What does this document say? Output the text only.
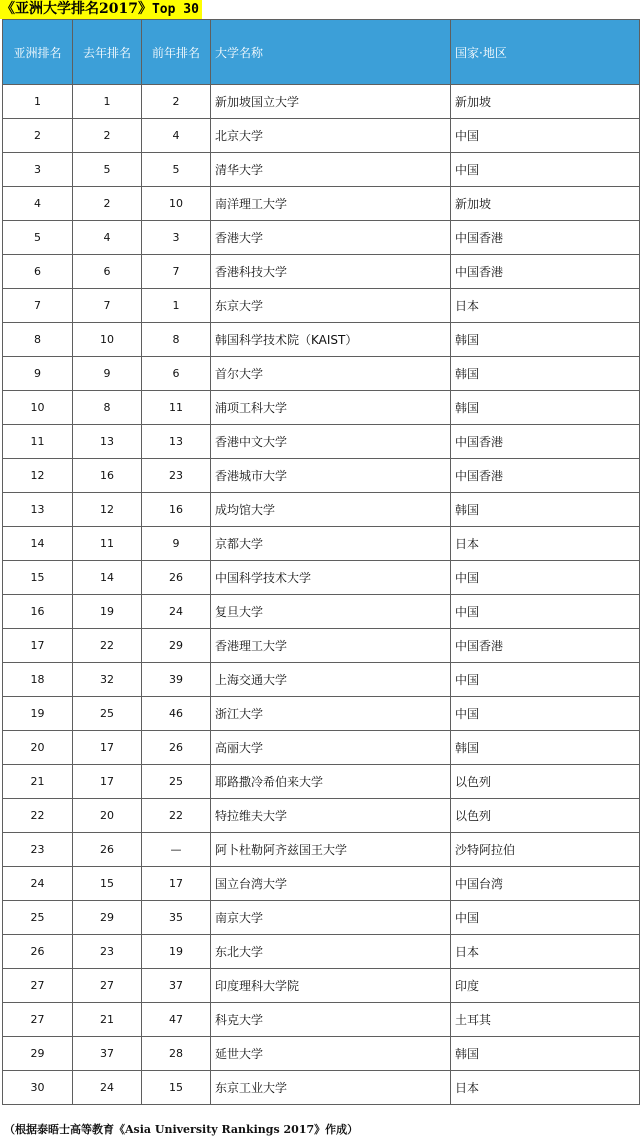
《亚洲大学排名2017》Top 30
亚洲排名	去年排名	前年排名	大学名称	国家·地区
1	1	2	新加坡国立大学	新加坡
2	2	4	北京大学	中国
3	5	5	清华大学	中国
4	2	10	南洋理工大学	新加坡
5	4	3	香港大学	中国香港
6	6	7	香港科技大学	中国香港
7	7	1	东京大学	日本
8	10	8	韩国科学技术院（KAIST）	韩国
9	9	6	首尔大学	韩国
10	8	11	浦项工科大学	韩国
11	13	13	香港中文大学	中国香港
12	16	23	香港城市大学	中国香港
13	12	16	成均馆大学	韩国
14	11	9	京都大学	日本
15	14	26	中国科学技术大学	中国
16	19	24	复旦大学	中国
17	22	29	香港理工大学	中国香港
18	32	39	上海交通大学	中国
19	25	46	浙江大学	中国
20	17	26	高丽大学	韩国
21	17	25	耶路撒冷希伯来大学	以色列
22	20	22	特拉维夫大学	以色列
23	26	—	阿卜杜勒阿齐兹国王大学	沙特阿拉伯
24	15	17	国立台湾大学	中国台湾
25	29	35	南京大学	中国
26	23	19	东北大学	日本
27	27	37	印度理科大学院	印度
27	21	47	科克大学	土耳其
29	37	28	延世大学	韩国
30	24	15	东京工业大学	日本
（根据泰晤士高等教育《Asia University Rankings 2017》作成）
